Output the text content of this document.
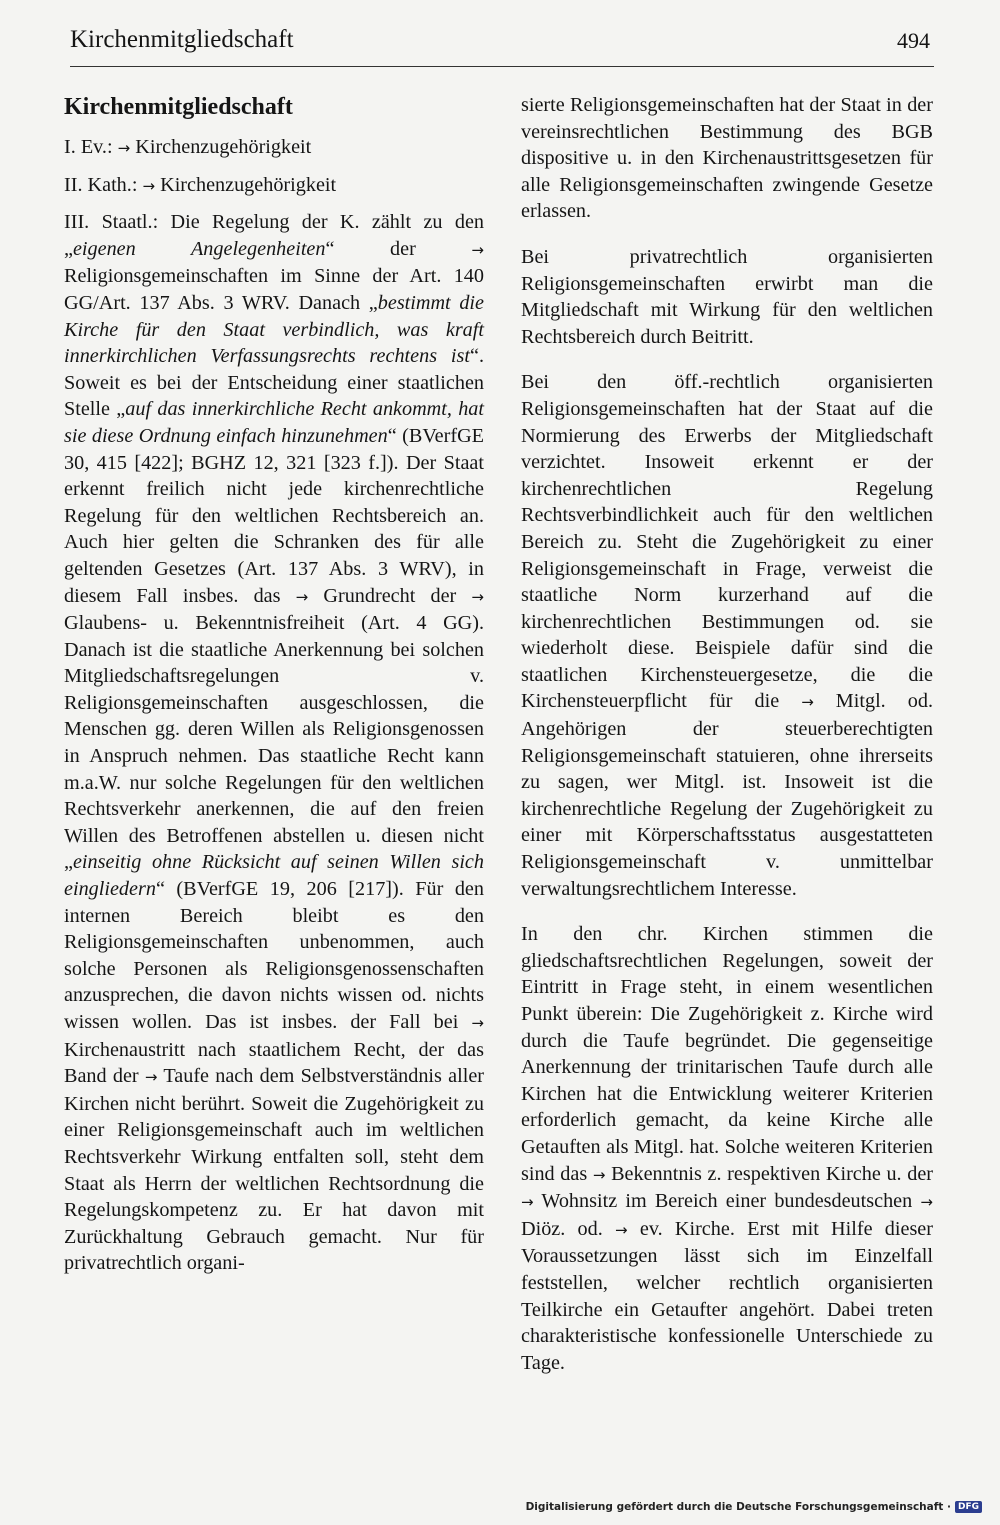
Kirchenmitgliedschaft	494
Kirchenmitgliedschaft

I. Ev.: → Kirchenzugehörigkeit

II. Kath.: → Kirchenzugehörigkeit

III. Staatl.: Die Regelung der K. zählt zu den „eigenen Angelegenheiten“ der → Religionsgemeinschaften im Sinne der Art. 140 GG/Art. 137 Abs. 3 WRV. Danach „bestimmt die Kirche für den Staat verbindlich, was kraft innerkirchlichen Verfassungsrechts rechtens ist“. Soweit es bei der Entscheidung einer staatlichen Stelle „auf das innerkirchliche Recht ankommt, hat sie diese Ordnung einfach hinzunehmen“ (BVerfGE 30, 415 [422]; BGHZ 12, 321 [323 f.]). Der Staat erkennt freilich nicht jede kirchenrechtliche Regelung für den weltlichen Rechtsbereich an. Auch hier gelten die Schranken des für alle geltenden Gesetzes (Art. 137 Abs. 3 WRV), in diesem Fall insbes. das → Grundrecht der → Glaubens- u. Bekenntnisfreiheit (Art. 4 GG). Danach ist die staatliche Anerkennung bei solchen Mitgliedschaftsregelungen v. Religionsgemeinschaften ausgeschlossen, die Menschen gg. deren Willen als Religionsgenossen in Anspruch nehmen. Das staatliche Recht kann m.a.W. nur solche Regelungen für den weltlichen Rechtsverkehr anerkennen, die auf den freien Willen des Betroffenen abstellen u. diesen nicht „einseitig ohne Rücksicht auf seinen Willen sich eingliedern“ (BVerfGE 19, 206 [217]). Für den internen Bereich bleibt es den Religionsgemeinschaften unbenommen, auch solche Personen als Religionsgenossenschaften anzusprechen, die davon nichts wissen od. nichts wissen wollen. Das ist insbes. der Fall bei → Kirchenaustritt nach staatlichem Recht, der das Band der → Taufe nach dem Selbstverständnis aller Kirchen nicht berührt. Soweit die Zugehörigkeit zu einer Religionsgemeinschaft auch im weltlichen Rechtsverkehr Wirkung entfalten soll, steht dem Staat als Herrn der weltlichen Rechtsordnung die Regelungskompetenz zu. Er hat davon mit Zurückhaltung Gebrauch gemacht. Nur für privatrechtlich organi-

sierte Religionsgemeinschaften hat der Staat in der vereinsrechtlichen Bestimmung des BGB dispositive u. in den Kirchenaustrittsgesetzen für alle Religionsgemeinschaften zwingende Gesetze erlassen.

Bei privatrechtlich organisierten Religionsgemeinschaften erwirbt man die Mitgliedschaft mit Wirkung für den weltlichen Rechtsbereich durch Beitritt.

Bei den öff.-rechtlich organisierten Religionsgemeinschaften hat der Staat auf die Normierung des Erwerbs der Mitgliedschaft verzichtet. Insoweit erkennt er der kirchenrechtlichen Regelung Rechtsverbindlichkeit auch für den weltlichen Bereich zu. Steht die Zugehörigkeit zu einer Religionsgemeinschaft in Frage, verweist die staatliche Norm kurzerhand auf die kirchenrechtlichen Bestimmungen od. sie wiederholt diese. Beispiele dafür sind die staatlichen Kirchensteuergesetze, die die Kirchensteuerpflicht für die → Mitgl. od. Angehörigen der steuerberechtigten Religionsgemeinschaft statuieren, ohne ihrerseits zu sagen, wer Mitgl. ist. Insoweit ist die kirchenrechtliche Regelung der Zugehörigkeit zu einer mit Körperschaftsstatus ausgestatteten Religionsgemeinschaft v. unmittelbar verwaltungsrechtlichem Interesse.

In den chr. Kirchen stimmen die gliedschaftsrechtlichen Regelungen, soweit der Eintritt in Frage steht, in einem wesentlichen Punkt überein: Die Zugehörigkeit z. Kirche wird durch die Taufe begründet. Die gegenseitige Anerkennung der trinitarischen Taufe durch alle Kirchen hat die Entwicklung weiterer Kriterien erforderlich gemacht, da keine Kirche alle Getauften als Mitgl. hat. Solche weiteren Kriterien sind das → Bekenntnis z. respektiven Kirche u. der → Wohnsitz im Bereich einer bundesdeutschen → Diöz. od. → ev. Kirche. Erst mit Hilfe dieser Voraussetzungen lässt sich im Einzelfall feststellen, welcher rechtlich organisierten Teilkirche ein Getaufter angehört. Dabei treten charakteristische konfessionelle Unterschiede zu Tage.

Digitalisierung gefördert durch die Deutsche Forschungsgemeinschaft · DFG
